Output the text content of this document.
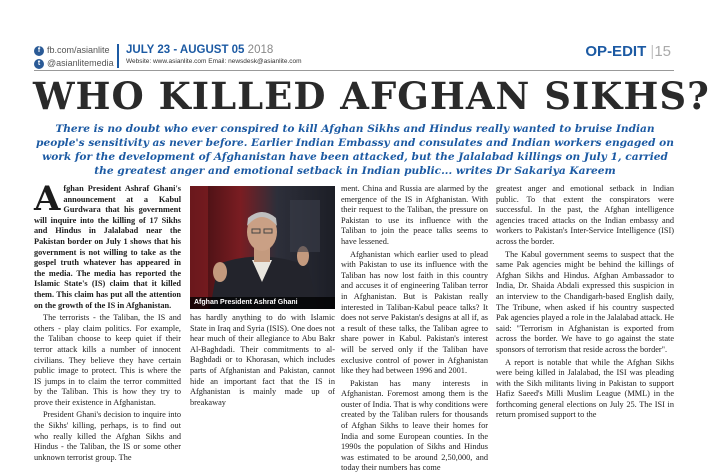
f fb.com/asianlite
t @asianlitemedia
JULY 23 - AUGUST 05 2018
Website: www.asianlite.com Email: newsdesk@asianlite.com
OP-EDIT |15
WHO KILLED AFGHAN SIKHS?

There is no doubt who ever conspired to kill Afghan Sikhs and Hindus really wanted to bruise Indian people's sensitivity as never before. Earlier Indian Embassy and consulates and Indian workers engaged on work for the development of Afghanistan have been attacked, but the Jalalabad killings on July 1, carried the greatest anger and emotional setback in Indian public... writes Dr Sakariya Kareem

Afghan President Ashraf Ghani's announcement at a Kabul Gurdwara that his government will inquire into the killing of 17 Sikhs and Hindus in Jalalabad near the Pakistan border on July 1 shows that his government is not willing to take as the gospel truth whatever has appeared in the media. The media has reported the Islamic State's (IS) claim that it killed them. This claim has put all the attention on the growth of the IS in Afghanistan.

The terrorists - the Taliban, the IS and others - play claim politics. For example, the Taliban choose to keep quiet if their terror attack kills a number of innocent civilians. They believe they have certain public image to protect. This is where the IS jumps in to claim the terror committed by the Taliban. This is how they try to prove their existence in Afghanistan.

President Ghani's decision to inquire into the Sikhs' killing, perhaps, is to find out who really killed the Afghan Sikhs and Hindus - the Taliban, the IS or some other unknown terrorist group. The

Afghan President Ashraf Ghani

has hardly anything to do with Islamic State in Iraq and Syria (ISIS). One does not hear much of their allegiance to Abu Bakr Al-Baghdadi. Their commitments to al-Baghdadi or to Khorasan, which includes parts of Afghanistan and Pakistan, cannot hide an important fact that the IS in Afghanistan is mainly made up of breakaway

ment. China and Russia are alarmed by the emergence of the IS in Afghanistan. With their request to the Taliban, the pressure on Pakistan to use its influence with the Taliban to join the peace talks seems to have lessened.

Afghanistan which earlier used to plead with Pakistan to use its influence with the Taliban has now lost faith in this country and accuses it of engineering Taliban terror in Afghanistan. But is Pakistan really interested in Taliban-Kabul peace talks? It does not serve Pakistan's designs at all if, as a result of these talks, the Taliban agree to share power in Kabul. Pakistan's interest will be served only if the Taliban have exclusive control of power in Afghanistan like they had between 1996 and 2001.

Pakistan has many interests in Afghanistan. Foremost among them is the ouster of India. That is why conditions were created by the Taliban rulers for thousands of Afghan Sikhs to leave their homes for India and some European counties. In the 1990s the population of Sikhs and Hindus was estimated to be around 2,50,000, and today their numbers has come

greatest anger and emotional setback in Indian public. To that extent the conspirators were successful. In the past, the Afghan intelligence agencies traced attacks on the Indian embassy and workers to Pakistan's Inter-Service Intelligence (ISI) across the border.

The Kabul government seems to suspect that the same Pak agencies might be behind the killings of Afghan Sikhs and Hindus. Afghan Ambassador to India, Dr. Shaida Abdali expressed this suspicion in an interview to the Chandigarh-based English daily, The Tribune, when asked if his country suspected Pak agencies played a role in the Jalalabad attack. He said: "Terrorism in Afghanistan is exported from across the border. We have to go against the state sponsors of terrorism that reside across the border".

A report is notable that while the Afghan Sikhs were being killed in Jalalabad, the ISI was pleading with the Sikh militants living in Pakistan to support Hafiz Saeed's Milli Muslim League (MML) in the forthcoming general elections on July 25. The ISI in return promised support to the
